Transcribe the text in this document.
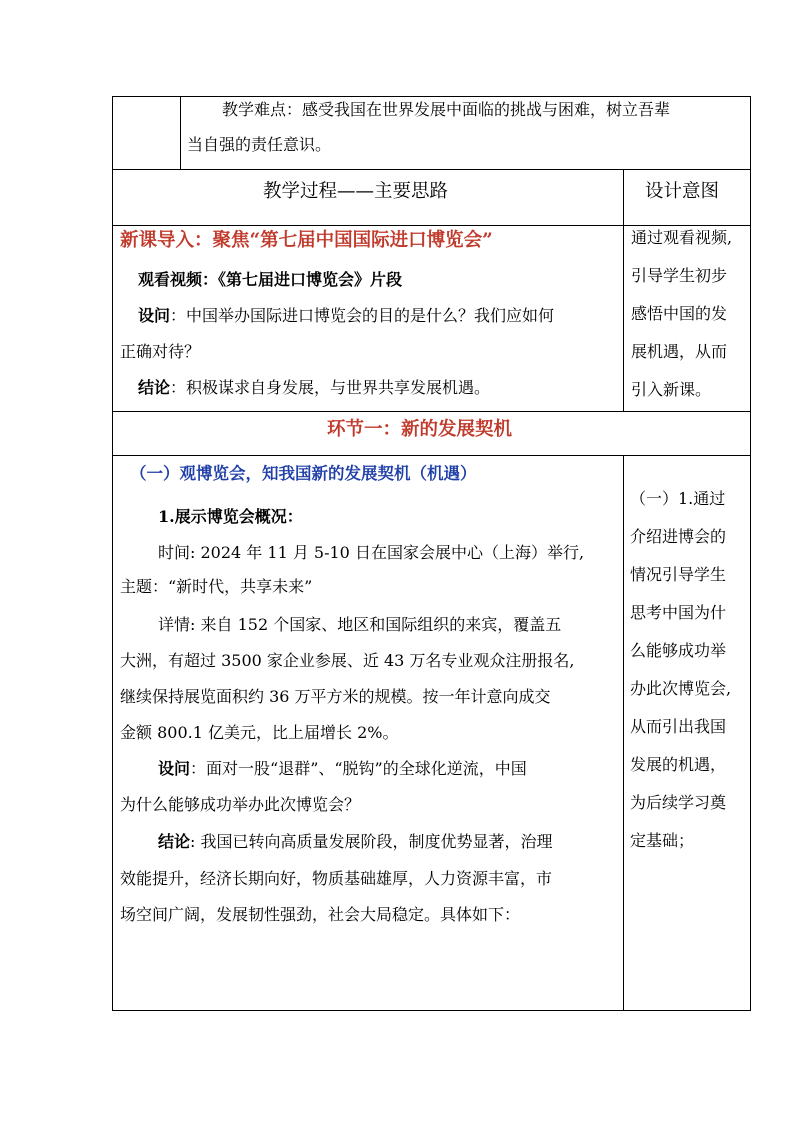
教学难点：感受我国在世界发展中面临的挑战与困难，树立吾辈
当自强的责任意识。
教学过程——主要思路	设计意图
新课导入：聚焦“第七届中国国际进口博览会”
观看视频：《第七届进口博览会》片段
设问：中国举办国际进口博览会的目的是什么？我们应如何
正确对待？
结论：积极谋求自身发展，与世界共享发展机遇。
通过观看视频,
引导学生初步
感悟中国的发
展机遇，从而
引入新课。
环节一：新的发展契机
（一）观博览会，知我国新的发展契机（机遇）
1.展示博览会概况：
时间: 2024 年 11 月 5-10 日在国家会展中心（上海）举行,
主题：“新时代，共享未来”
详情: 来自 152 个国家、地区和国际组织的来宾，覆盖五
大洲，有超过 3500 家企业参展、近 43 万名专业观众注册报名,
继续保持展览面积约 36 万平方米的规模。按一年计意向成交
金额 800.1 亿美元，比上届增长 2%。
设问：面对一股“退群”、“脱钩”的全球化逆流，中国
为什么能够成功举办此次博览会？
结论: 我国已转向高质量发展阶段，制度优势显著，治理
效能提升，经济长期向好，物质基础雄厚，人力资源丰富，市
场空间广阔，发展韧性强劲，社会大局稳定。具体如下：
（一）1.通过
介绍进博会的
情况引导学生
思考中国为什
么能够成功举
办此次博览会,
从而引出我国
发展的机遇，
为后续学习奠
定基础；
